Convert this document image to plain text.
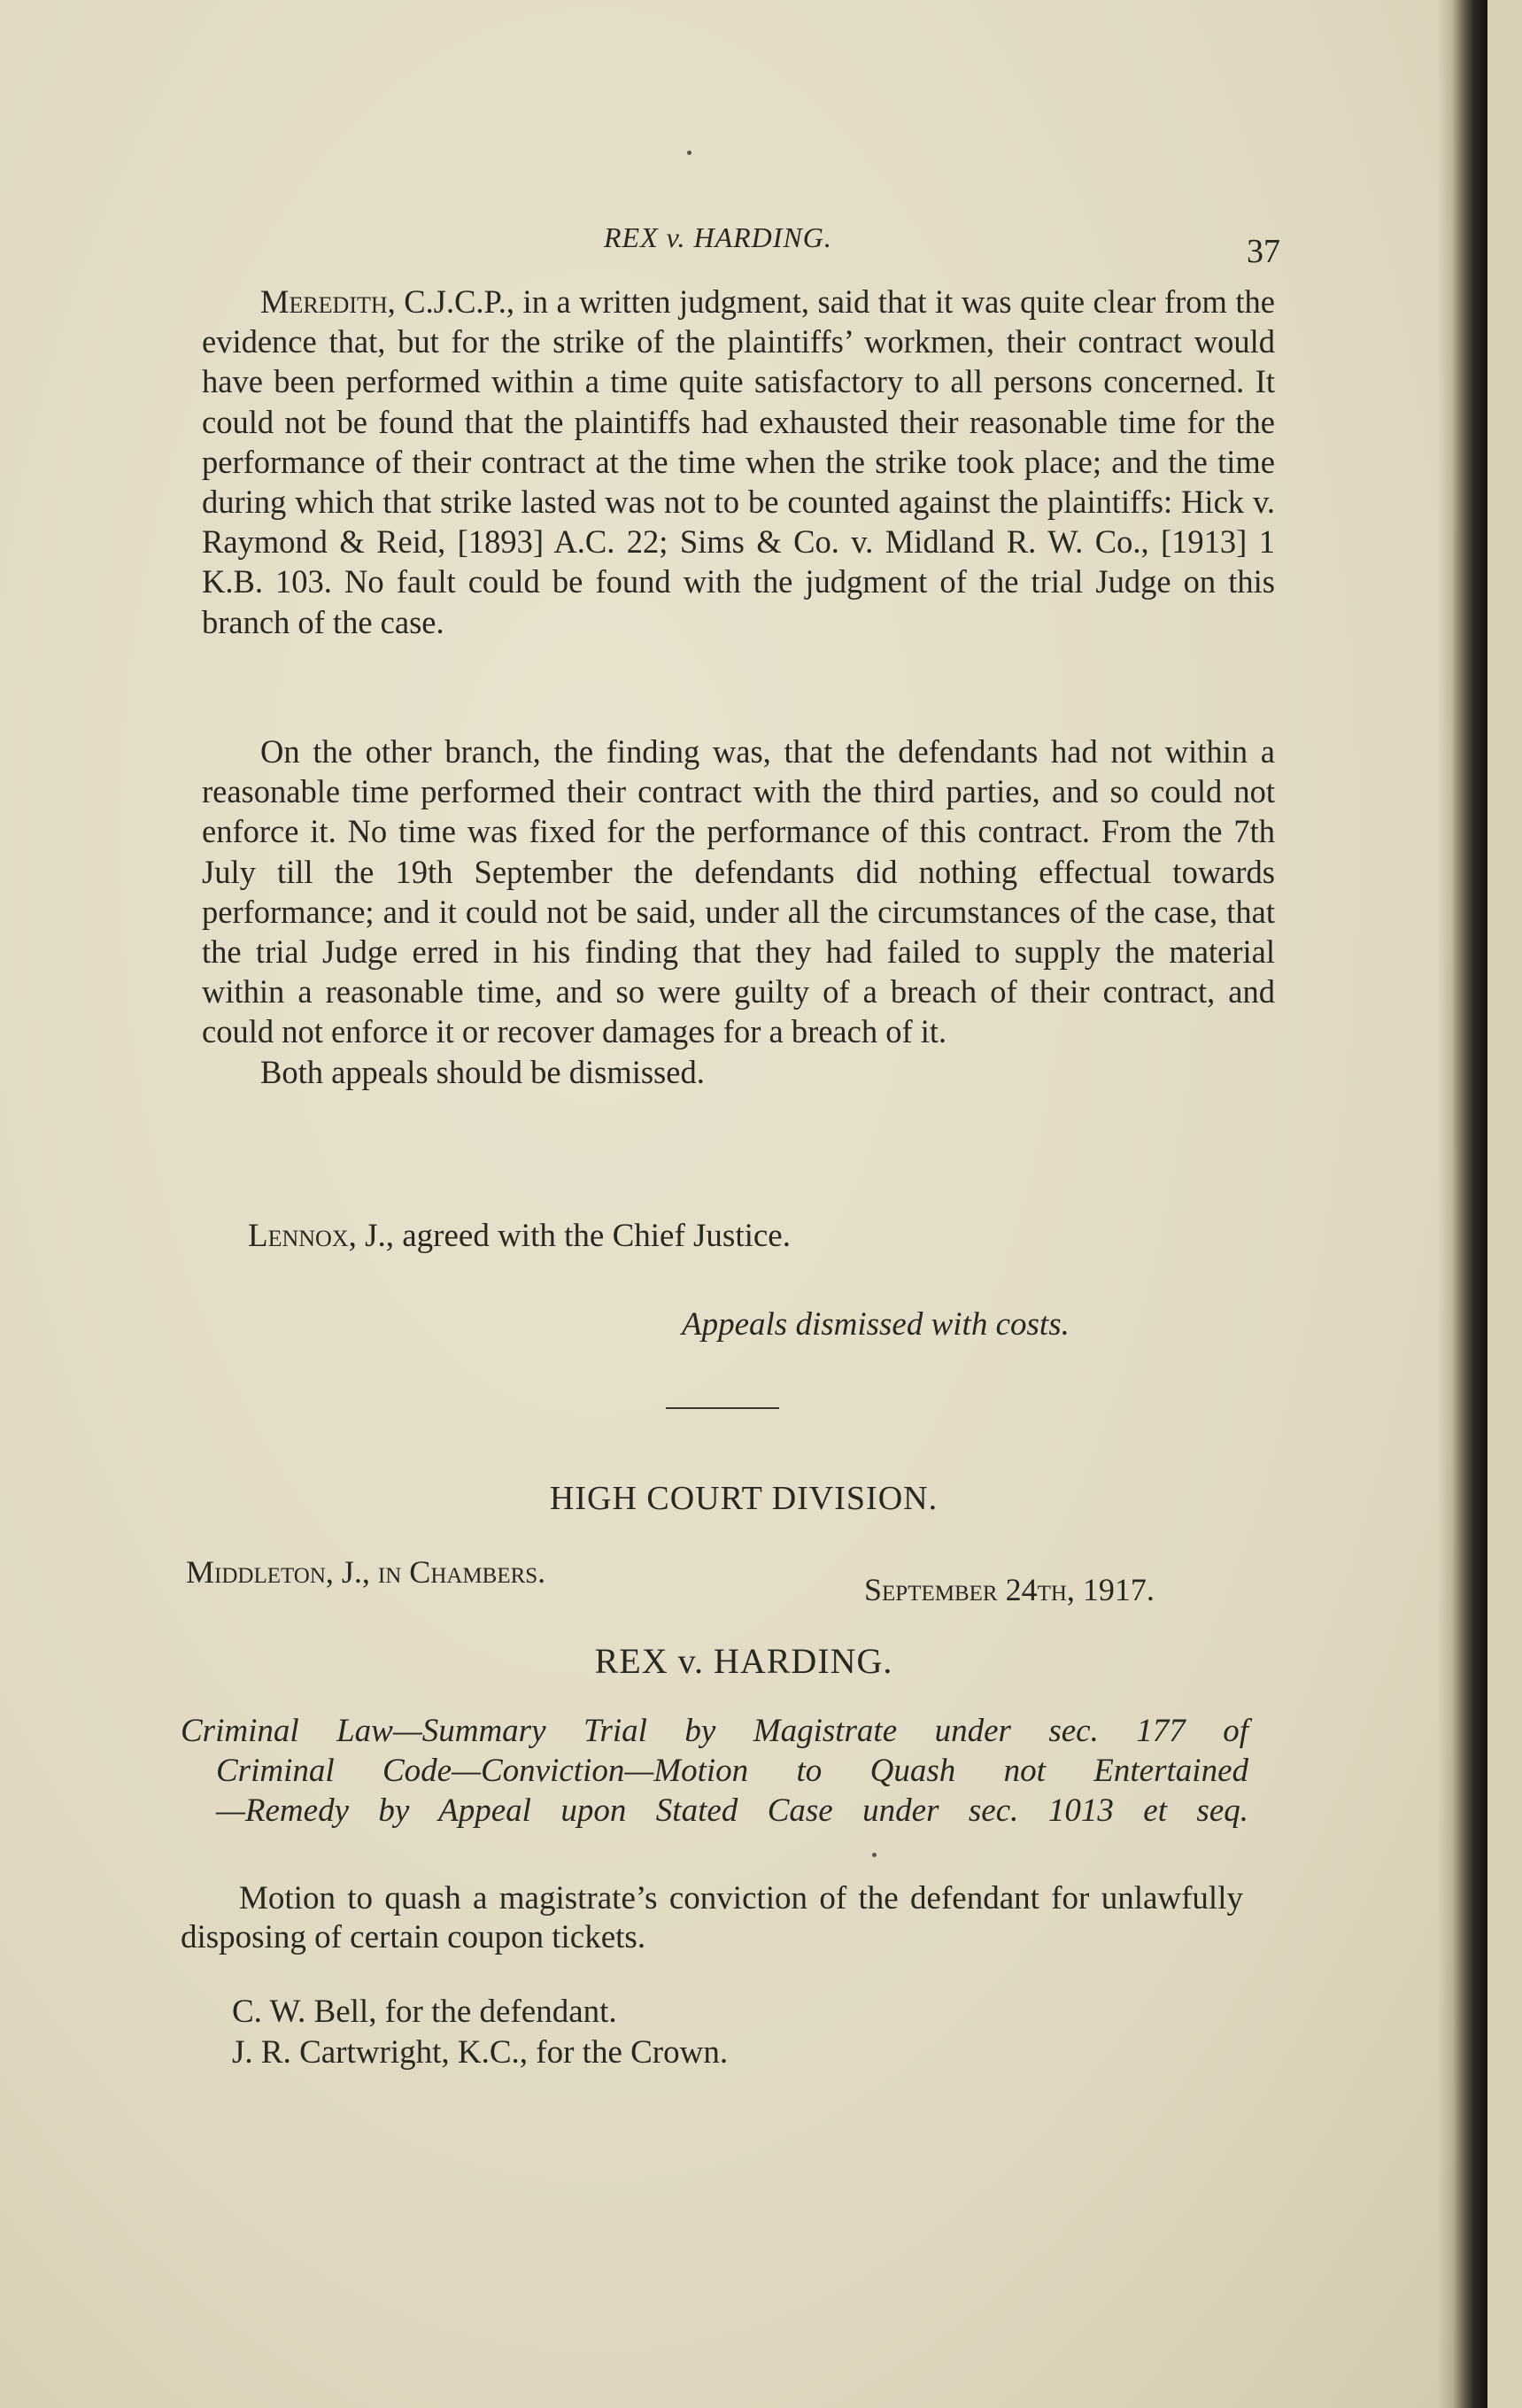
REX v. HARDING.	37

Meredith, C.J.C.P., in a written judgment, said that it was quite clear from the evidence that, but for the strike of the plaintiffs’ workmen, their contract would have been performed within a time quite satisfactory to all persons concerned. It could not be found that the plaintiffs had exhausted their reasonable time for the performance of their contract at the time when the strike took place; and the time during which that strike lasted was not to be counted against the plaintiffs: Hick v. Raymond & Reid, [1893] A.C. 22; Sims & Co. v. Midland R. W. Co., [1913] 1 K.B. 103. No fault could be found with the judgment of the trial Judge on this branch of the case.

On the other branch, the finding was, that the defendants had not within a reasonable time performed their contract with the third parties, and so could not enforce it. No time was fixed for the performance of this contract. From the 7th July till the 19th September the defendants did nothing effectual towards performance; and it could not be said, under all the circumstances of the case, that the trial Judge erred in his finding that they had failed to supply the material within a reasonable time, and so were guilty of a breach of their contract, and could not enforce it or recover damages for a breach of it.

Both appeals should be dismissed.

Lennox, J., agreed with the Chief Justice.
Appeals dismissed with costs.
HIGH COURT DIVISION.
Middleton, J., in Chambers.	September 24th, 1917.
REX v. HARDING.
Criminal Law—Summary Trial by Magistrate under sec. 177 of
Criminal Code—Conviction—Motion to Quash not Entertained
—Remedy by Appeal upon Stated Case under sec. 1013 et seq.
Motion to quash a magistrate’s conviction of the defendant for unlawfully disposing of certain coupon tickets.
C. W. Bell, for the defendant.
J. R. Cartwright, K.C., for the Crown.
